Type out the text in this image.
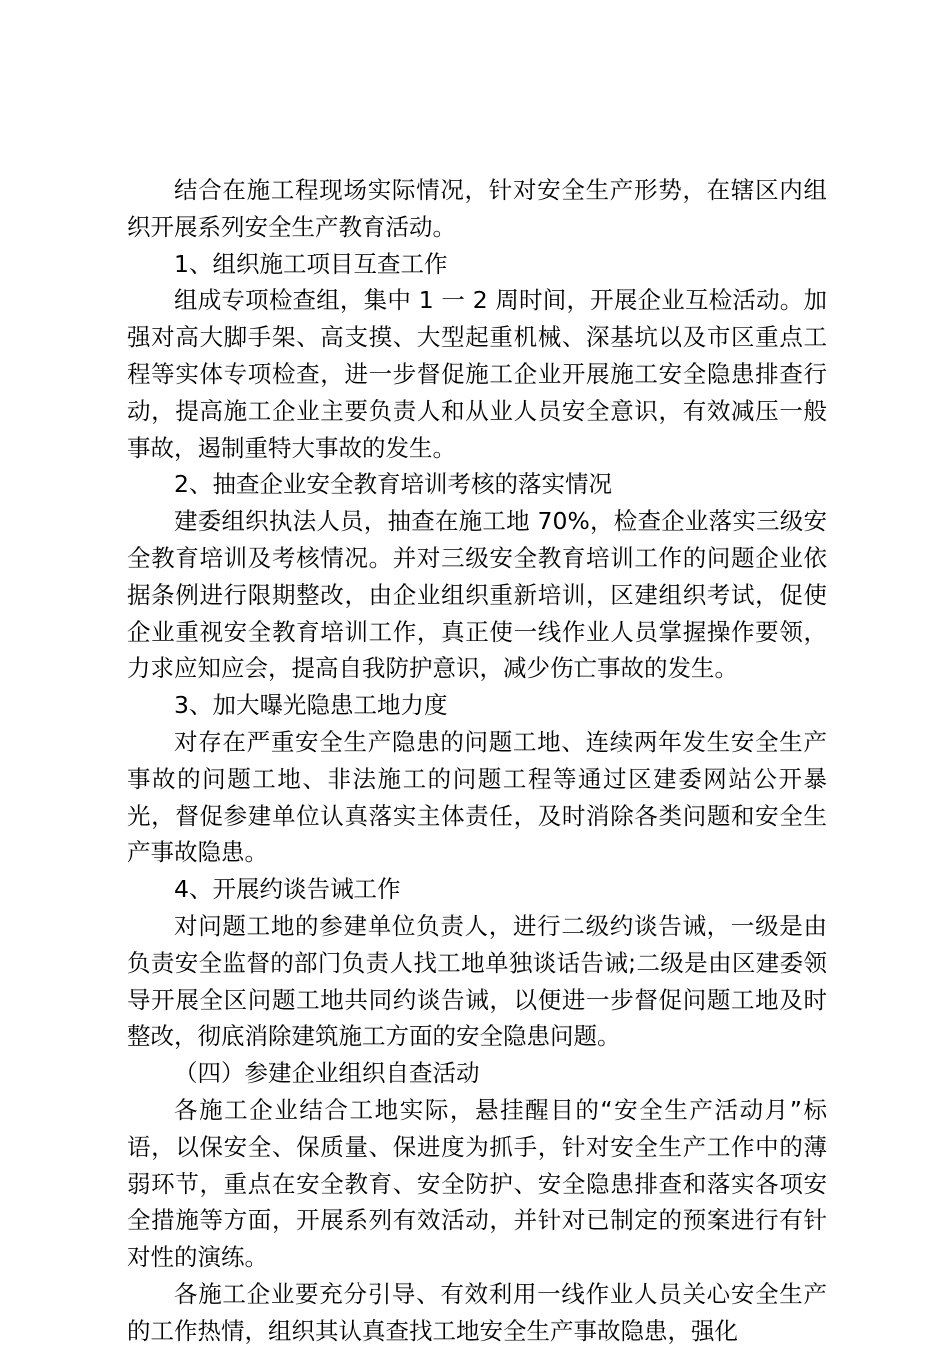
结合在施工程现场实际情况，针对安全生产形势，在辖区内组织开展系列安全生产教育活动。

1、组织施工项目互查工作

组成专项检查组，集中 1 一 2 周时间，开展企业互检活动。加强对高大脚手架、高支摸、大型起重机械、深基坑以及市区重点工程等实体专项检查，进一步督促施工企业开展施工安全隐患排查行动，提高施工企业主要负责人和从业人员安全意识，有效减压一般事故，遏制重特大事故的发生。

2、抽查企业安全教育培训考核的落实情况

建委组织执法人员，抽查在施工地 70%，检查企业落实三级安全教育培训及考核情况。并对三级安全教育培训工作的问题企业依据条例进行限期整改，由企业组织重新培训，区建组织考试，促使企业重视安全教育培训工作，真正使一线作业人员掌握操作要领，力求应知应会，提高自我防护意识，减少伤亡事故的发生。

3、加大曝光隐患工地力度

对存在严重安全生产隐患的问题工地、连续两年发生安全生产事故的问题工地、非法施工的问题工程等通过区建委网站公开暴光，督促参建单位认真落实主体责任，及时消除各类问题和安全生产事故隐患。

4、开展约谈告诫工作

对问题工地的参建单位负责人，进行二级约谈告诫，一级是由负责安全监督的部门负责人找工地单独谈话告诫;二级是由区建委领导开展全区问题工地共同约谈告诫，以便进一步督促问题工地及时整改，彻底消除建筑施工方面的安全隐患问题。

（四）参建企业组织自查活动

各施工企业结合工地实际，悬挂醒目的“安全生产活动月”标语，以保安全、保质量、保进度为抓手，针对安全生产工作中的薄弱环节，重点在安全教育、安全防护、安全隐患排查和落实各项安全措施等方面，开展系列有效活动，并针对已制定的预案进行有针对性的演练。

各施工企业要充分引导、有效利用一线作业人员关心安全生产的工作热情，组织其认真查找工地安全生产事故隐患，强化
